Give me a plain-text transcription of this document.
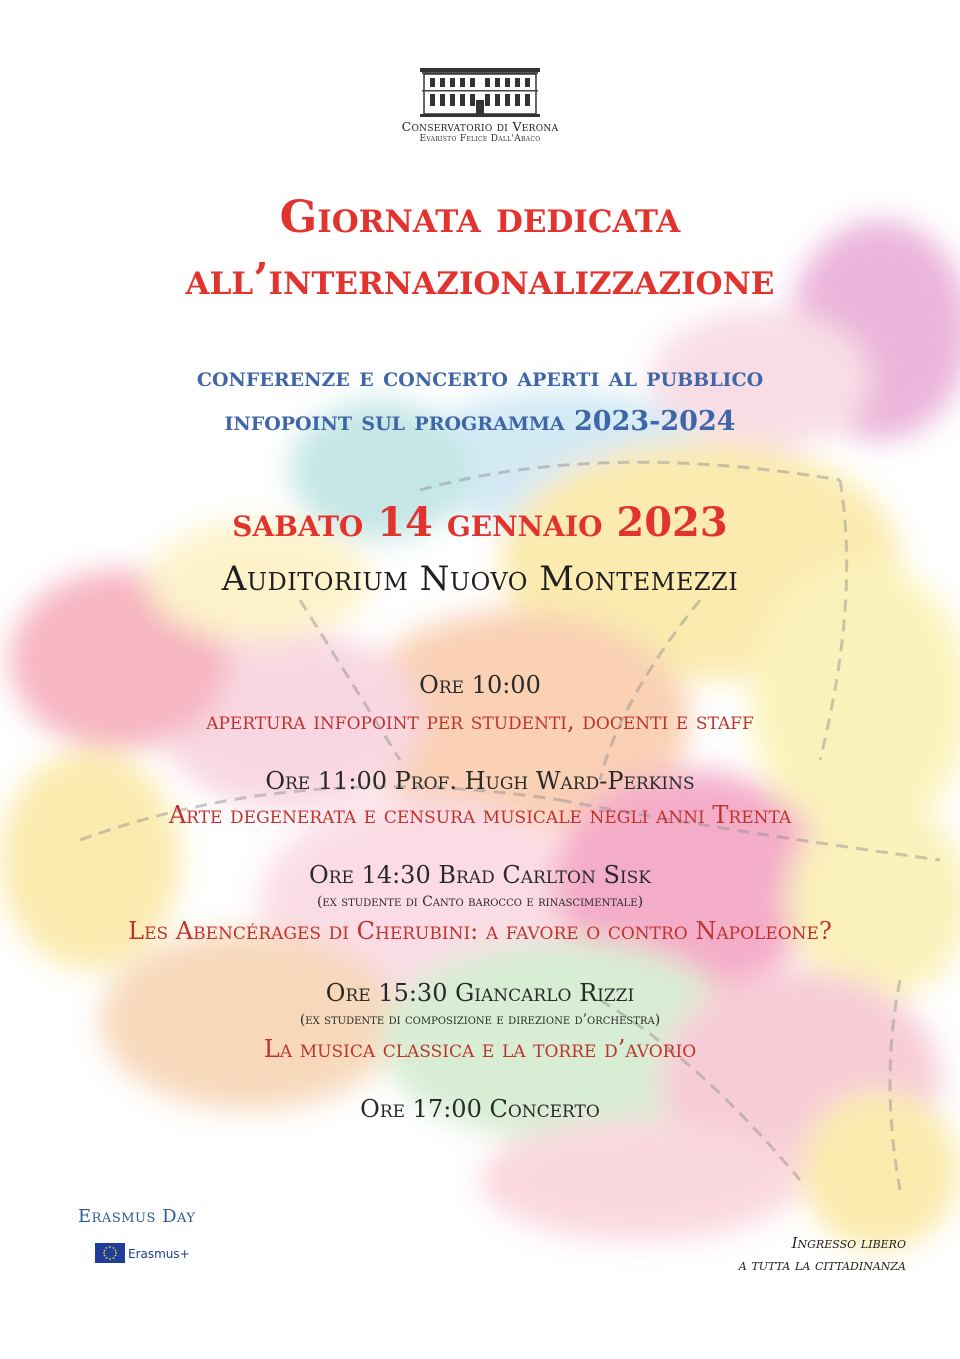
Conservatorio di Verona
Evaristo Felice Dall'Abaco
Giornata dedicata
all’internazionalizzazione
conferenze e concerto aperti al pubblico
infopoint sul programma 2023-2024
sabato 14 gennaio 2023
Auditorium Nuovo Montemezzi
Ore 10:00
apertura infopoint per studenti, docenti e staff
Ore 11:00 Prof. Hugh Ward-Perkins
Arte degenerata e censura musicale negli anni Trenta
Ore 14:30 Brad Carlton Sisk
(ex studente di Canto barocco e rinascimentale)
Les Abencérages di Cherubini: a favore o contro Napoleone?
Ore 15:30 Giancarlo Rizzi
(ex studente di composizione e direzione d’orchestra)
La musica classica e la torre d’avorio
Ore 17:00 Concerto
Erasmus Day
Erasmus+
Ingresso libero
a tutta la cittadinanza
